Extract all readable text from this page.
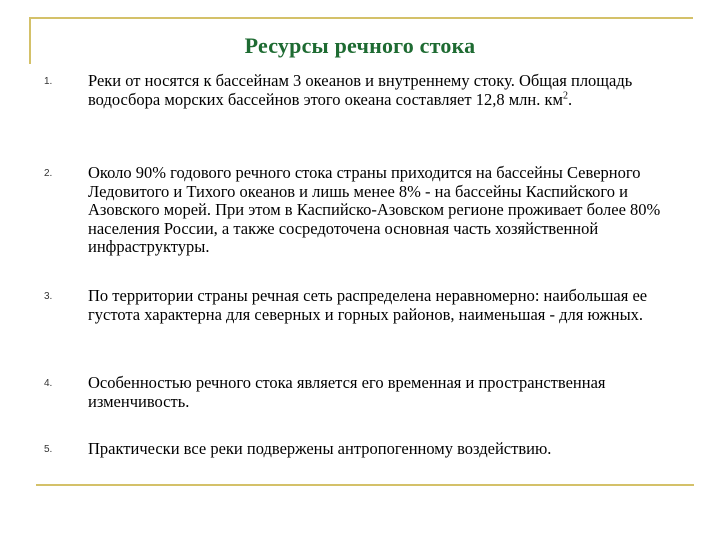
Ресурсы речного стока
1. Реки от носятся к бассейнам 3 океанов и внутреннему стоку. Общая площадь водосбора морских бассейнов этого океана составляет 12,8 млн. $км^2$.
2. Около 90% годового речного стока страны приходится на бассейны Северного Ледовитого и Тихого океанов и лишь менее 8% - на бассейны Каспийского и Азовского морей. При этом в Каспийско-Азовском регионе проживает более 80% населения России, а также сосредоточена основная часть хозяйственной инфраструктуры.
3. По территории страны речная сеть распределена неравномерно: наибольшая ее густота характерна для северных и горных районов, наименьшая - для южных.
4. Особенностью речного стока является его временная и пространственная изменчивость.
5. Практически все реки подвержены антропогенному воздействию.
